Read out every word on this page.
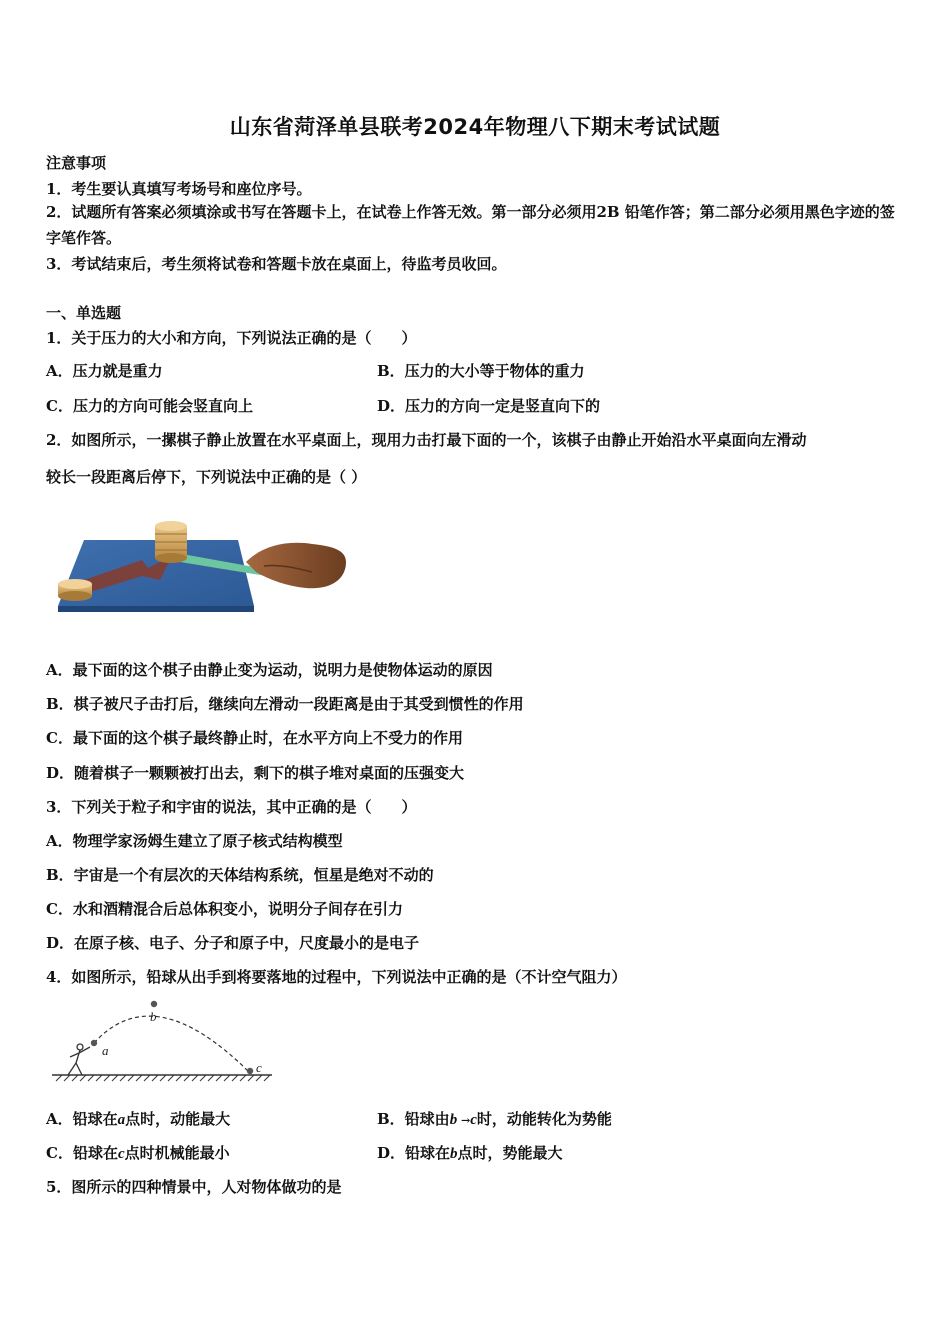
山东省菏泽单县联考2024年物理八下期末考试试题
注意事项
1．考生要认真填写考场号和座位序号。
2．试题所有答案必须填涂或书写在答题卡上，在试卷上作答无效。第一部分必须用2B 铅笔作答；第二部分必须用黑色字迹的签字笔作答。
3．考试结束后，考生须将试卷和答题卡放在桌面上，待监考员收回。
一、单选题
1．关于压力的大小和方向，下列说法正确的是（　　）
A．压力就是重力	B．压力的大小等于物体的重力
C．压力的方向可能会竖直向上	D．压力的方向一定是竖直向下的
2．如图所示，一摞棋子静止放置在水平桌面上，现用力击打最下面的一个，该棋子由静止开始沿水平桌面向左滑动
较长一段距离后停下，下列说法中正确的是（ ）
A．最下面的这个棋子由静止变为运动，说明力是使物体运动的原因
B．棋子被尺子击打后，继续向左滑动一段距离是由于其受到惯性的作用
C．最下面的这个棋子最终静止时，在水平方向上不受力的作用
D．随着棋子一颗颗被打出去，剩下的棋子堆对桌面的压强变大
3．下列关于粒子和宇宙的说法，其中正确的是（　　）
A．物理学家汤姆生建立了原子核式结构模型
B．宇宙是一个有层次的天体结构系统，恒星是绝对不动的
C．水和酒精混合后总体积变小，说明分子间存在引力
D．在原子核、电子、分子和原子中，尺度最小的是电子
4．如图所示，铅球从出手到将要落地的过程中，下列说法中正确的是（不计空气阻力）
a
b
c
A．铅球在a点时，动能最大	B．铅球由b →c时，动能转化为势能
C．铅球在c点时机械能最小	D．铅球在b点时，势能最大
5．图所示的四种情景中，人对物体做功的是
